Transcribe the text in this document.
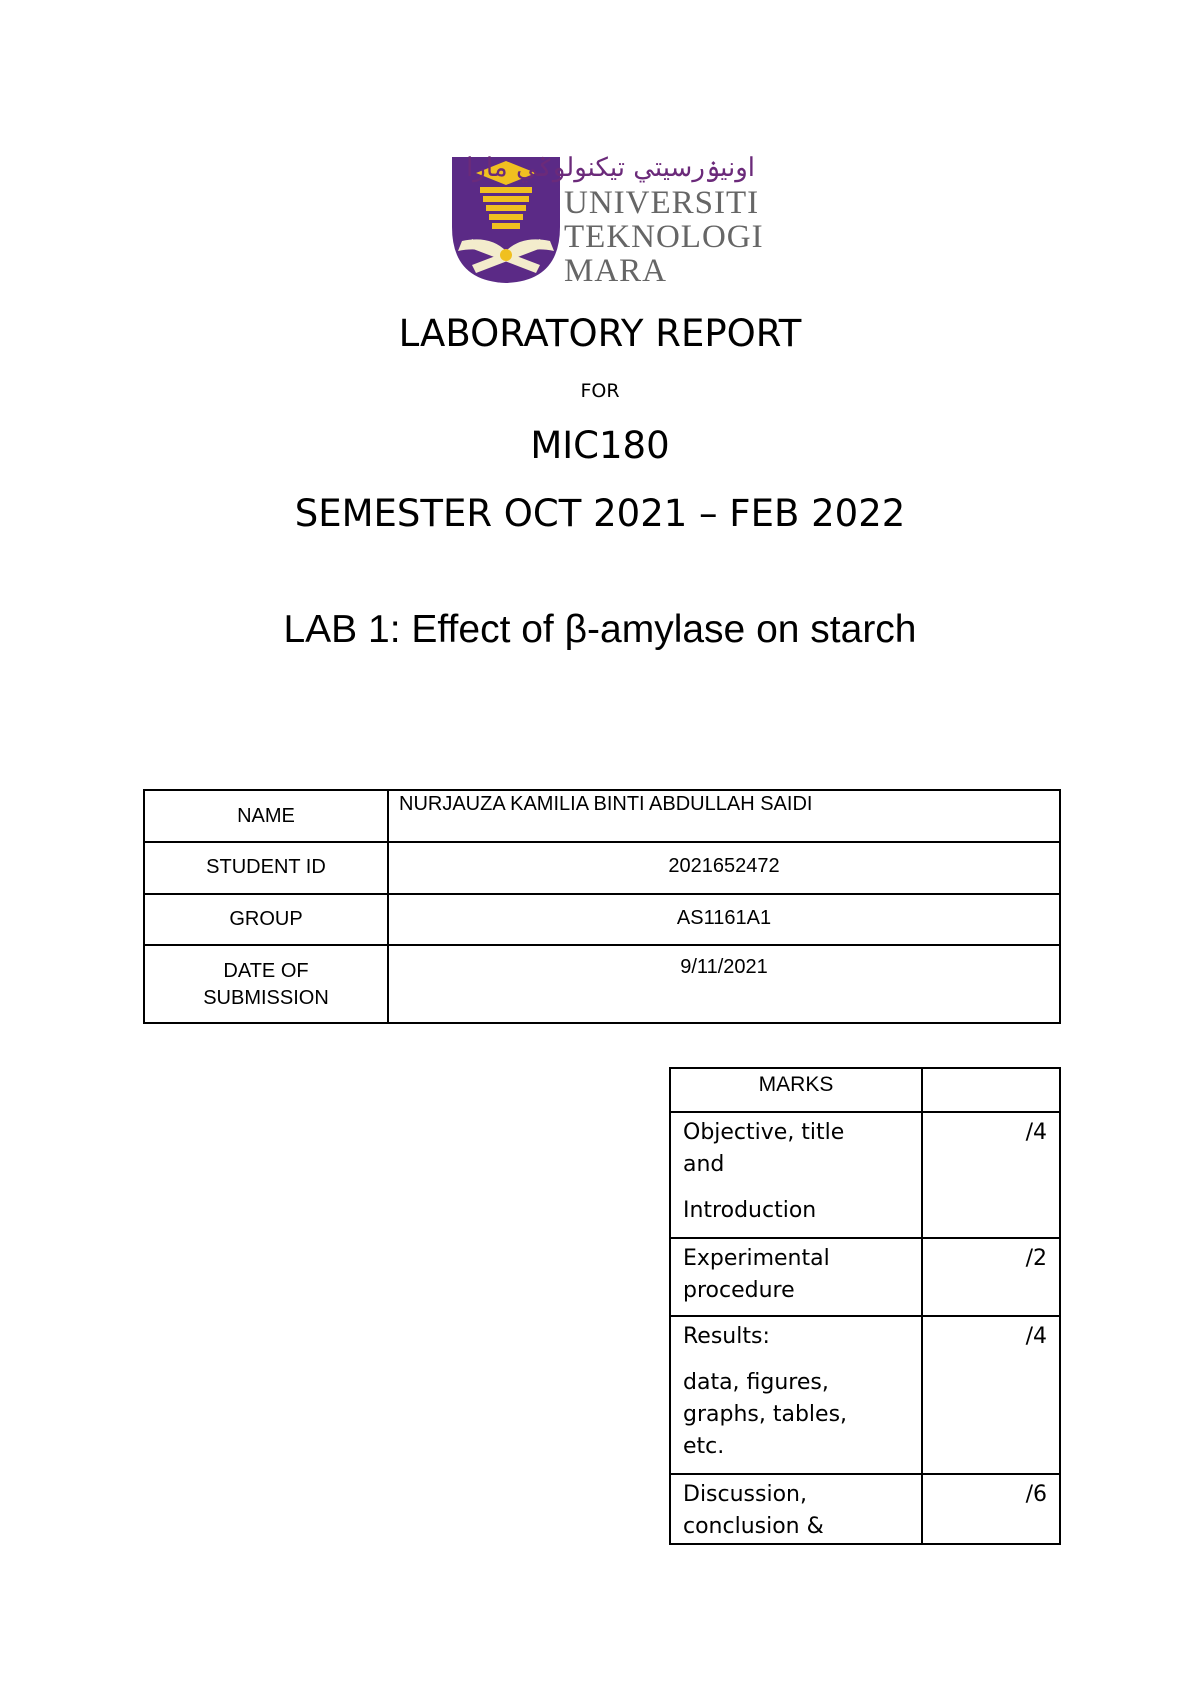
اونيۏرسيتي تيكنولوݢي مارا
UNIVERSITI
TEKNOLOGI
MARA
LABORATORY REPORT
FOR
MIC180
SEMESTER OCT 2021 – FEB 2022
LAB 1: Effect of β-amylase on starch
NAME	NURJAUZA KAMILIA BINTI ABDULLAH SAIDI
STUDENT ID	2021652472
GROUP	AS1161A1
DATE OF
SUBMISSION	9/11/2021
MARKS	
Objective, title
and
Introduction	/4
Experimental
procedure	/2
Results:
data, figures,
graphs, tables,
etc.	/4
Discussion,
conclusion &	/6
